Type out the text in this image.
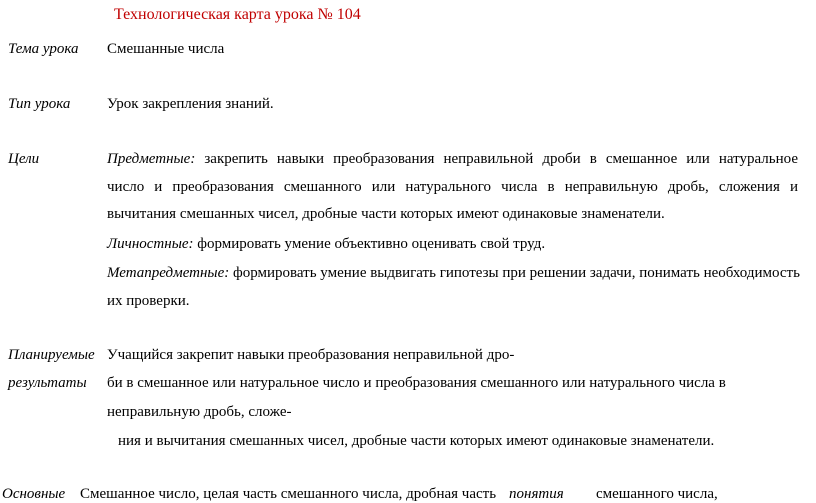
Технологическая карта урока № 104
Тема урока Смешанные числа
Тип урока Урок закрепления знаний.
Цели	Предметные: закрепить навыки преобразования неправильной дроби в смешанное или натуральное
число и преобразования смешанного или натурального числа в неправильную дробь, сложения и
вычитания смешанных чисел, дробные части которых имеют одинаковые знаменатели.
Личностные: формировать умение объективно оценивать свой труд.
Метапредметные: формировать умение выдвигать гипотезы при решении задачи, понимать необходимость
их проверки.
Планируемые
результаты
Учащийся закрепит навыки преобразования неправильной дро-
би в смешанное или натуральное число и преобразования смешанного или натурального числа в
неправильную дробь, сложе-
ния и вычитания смешанных чисел, дробные части которых имеют одинаковые знаменатели.
Основные Смешанное число, целая часть смешанного числа, дробная часть понятия смешанного числа,
